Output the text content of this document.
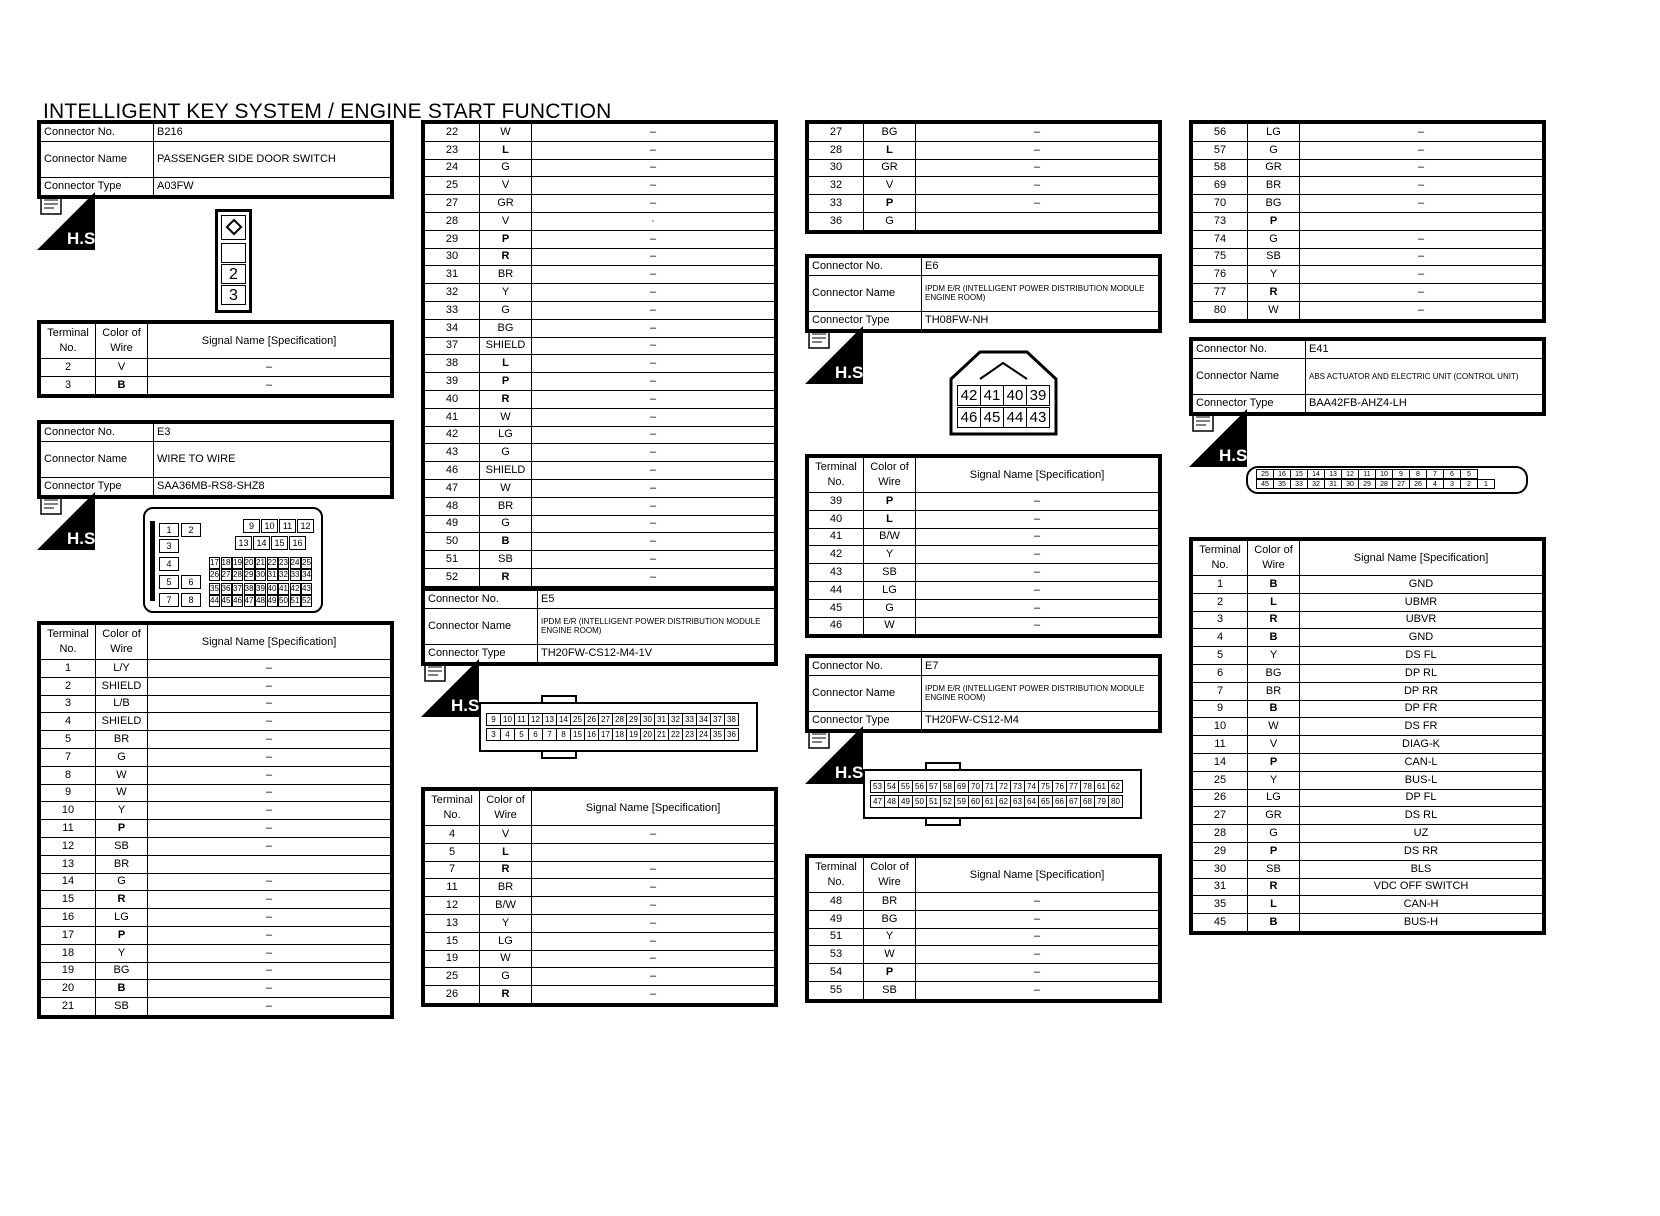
INTELLIGENT KEY SYSTEM / ENGINE START FUNCTION
Connector No.	B216
Connector Name	PASSENGER SIDE DOOR SWITCH
Connector Type	A03FW
H.S.
2
3
Terminal No.	Color of Wire	Signal Name [Specification]
2	V	–
3	B	–
Connector No.	E3
Connector Name	WIRE TO WIRE
Connector Type	SAA36MB-RS8-SHZ8
H.S.	1	2
3
4
5	6
7	8
9	10 11 12
13 14 15 16
17 18 19 20 21 22 23 24 25
26 27 28 29 30 31 32 33 34
35 36 37 38 39 40 41 42 43
44 45 46 47 48 49 50 51 52
Terminal No.	Color of Wire	Signal Name [Specification]
1	L/Y	–
2	SHIELD	–
3	L/B	–
4	SHIELD	–
5	BR	–
7	G	–
8	W	–
9	W	–
10	Y	–
11	P	–
12	SB	–
13	BR	
14	G	–
15	R	–
16	LG	–
17	P	–
18	Y	–
19	BG	–
20	B	–
21	SB	–
22	W	–
23	L	–
24	G	–
25	V	–
27	GR	–
28	V	·
29	P	–
30	R	–
31	BR	–
32	Y	–
33	G	–
34	BG	–
37	SHIELD	–
38	L	–
39	P	–
40	R	–
41	W	–
42	LG	–
43	G	–
46	SHIELD	–
47	W	–
48	BR	–
49	G	–
50	B	–
51	SB	–
52	R	–
Connector No.	E5
Connector Name	IPDM E/R (INTELLIGENT POWER DISTRIBUTION MODULE ENGINE ROOM)
Connector Type	TH20FW-CS12-M4-1V
H.S.
9 10 11 12 13 14 25 26 27 28 29 30 31 32 33 34 37 38
3	4	5	6	7	8 15 16 17 18 19 20 21 22 23 24 35 36
Terminal No.	Color of Wire	Signal Name [Specification]
4	V	–
5	L	
7	R	–
11	BR	–
12	B/W	–
13	Y	–
15	LG	–
19	W	–
25	G	–
26	R	–
27	BG	–
28	L	–
30	GR	–
32	V	–
33	P	–
36	G	
Connector No.	E6
Connector Name	IPDM E/R (INTELLIGENT POWER DISTRIBUTION MODULE ENGINE ROOM)
Connector Type	TH08FW-NH
H.S.
42 41 40 39
46 45 44 43
Terminal No.	Color of Wire	Signal Name [Specification]
39	P	–
40	L	–
41	B/W	–
42	Y	–
43	SB	–
44	LG	–
45	G	–
46	W	–
Connector No.	E7
Connector Name	IPDM E/R (INTELLIGENT POWER DISTRIBUTION MODULE ENGINE ROOM)
Connector Type	TH20FW-CS12-M4
H.S.
53 54 55 56 57 58 69 70 71 72 73 74 75 76 77 78 61 62
47 48 49 50 51 52 59 60 61 62 63 64 65 66 67 68 79 80
Terminal No.	Color of Wire	Signal Name [Specification]
48	BR	–
49	BG	–
51	Y	–
53	W	–
54	P	–
55	SB	–
56	LG	–
57	G	–
58	GR	–
69	BR	–
70	BG	–
73	P	
74	G	–
75	SB	–
76	Y	–
77	R	–
80	W	–
Connector No.	E41
Connector Name	ABS ACTUATOR AND ELECTRIC UNIT (CONTROL UNIT)
Connector Type	BAA42FB-AHZ4-LH
H.S.
25	16	15	14	13	12	11	10	9	8	7	6	5
45	35	33	32	31	30	29	28	27	26	4	3	2	1
Terminal No.	Color of Wire	Signal Name [Specification]
1	B	GND
2	L	UBMR
3	R	UBVR
4	B	GND
5	Y	DS FL
6	BG	DP RL
7	BR	DP RR
9	B	DP FR
10	W	DS FR
11	V	DIAG-K
14	P	CAN-L
25	Y	BUS-L
26	LG	DP FL
27	GR	DS RL
28	G	UZ
29	P	DS RR
30	SB	BLS
31	R	VDC OFF SWITCH
35	L	CAN-H
45	B	BUS-H
